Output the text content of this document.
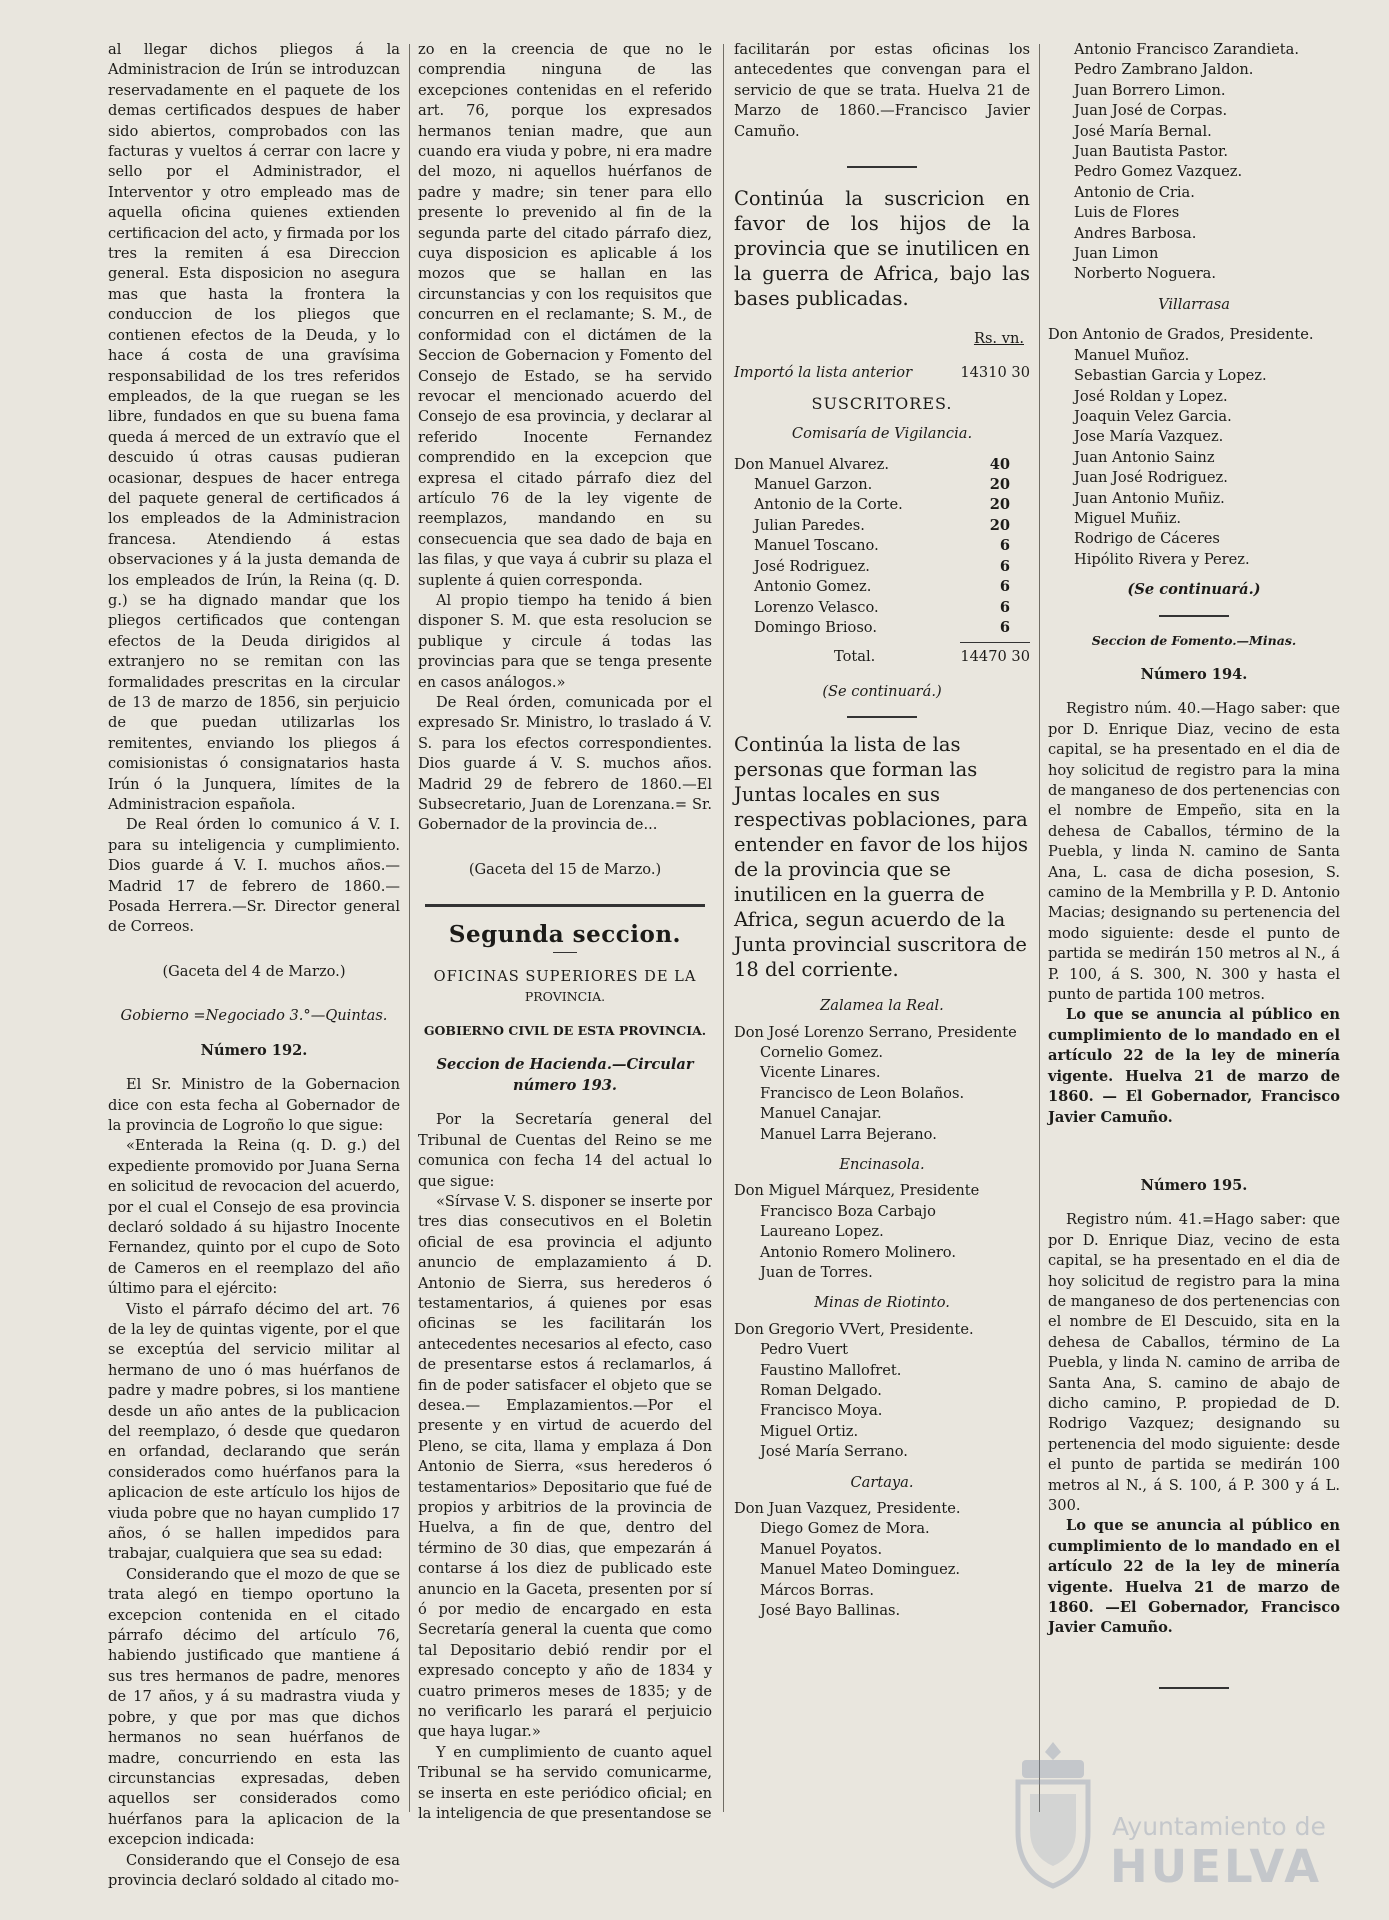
al llegar dichos pliegos á la Administracion de Irún se introduzcan reservadamente en el paquete de los demas certificados despues de haber sido abiertos, comprobados con las facturas y vueltos á cerrar con lacre y sello por el Administrador, el Interventor y otro empleado mas de aquella oficina quienes extienden certificacion del acto, y firmada por los tres la remiten á esa Direccion general. Esta disposicion no asegura mas que hasta la frontera la conduccion de los pliegos que contienen efectos de la Deuda, y lo hace á costa de una gravísima responsabilidad de los tres referidos empleados, de la que ruegan se les libre, fundados en que su buena fama queda á merced de un extravío que el descuido ú otras causas pudieran ocasionar, despues de hacer entrega del paquete general de certificados á los empleados de la Administracion francesa. Atendiendo á estas observaciones y á la justa demanda de los empleados de Irún, la Reina (q. D. g.) se ha dignado mandar que los pliegos certificados que contengan efectos de la Deuda dirigidos al extranjero no se remitan con las formalidades prescritas en la circular de 13 de marzo de 1856, sin perjuicio de que puedan utilizarlas los remitentes, enviando los pliegos á comisionistas ó consignatarios hasta Irún ó la Junquera, límites de la Administracion española.

De Real órden lo comunico á V. I. para su inteligencia y cumplimiento. Dios guarde á V. I. muchos años.— Madrid 17 de febrero de 1860.—Posada Herrera.—Sr. Director general de Correos.

(Gaceta del 4 de Marzo.)

Gobierno =Negociado 3.°—Quintas.

Número 192.

El Sr. Ministro de la Gobernacion dice con esta fecha al Gobernador de la provincia de Logroño lo que sigue:

«Enterada la Reina (q. D. g.) del expediente promovido por Juana Serna en solicitud de revocacion del acuerdo, por el cual el Consejo de esa provincia declaró soldado á su hijastro Inocente Fernandez, quinto por el cupo de Soto de Cameros en el reemplazo del año último para el ejército:

Visto el párrafo décimo del art. 76 de la ley de quintas vigente, por el que se exceptúa del servicio militar al hermano de uno ó mas huérfanos de padre y madre pobres, si los mantiene desde un año antes de la publicacion del reemplazo, ó desde que quedaron en orfandad, declarando que serán considerados como huérfanos para la aplicacion de este artículo los hijos de viuda pobre que no hayan cumplido 17 años, ó se hallen impedidos para trabajar, cualquiera que sea su edad:

Considerando que el mozo de que se trata alegó en tiempo oportuno la excepcion contenida en el citado párrafo décimo del artículo 76, habiendo justificado que mantiene á sus tres hermanos de padre, menores de 17 años, y á su madrastra viuda y pobre, y que por mas que dichos hermanos no sean huérfanos de madre, concurriendo en esta las circunstancias expresadas, deben aquellos ser considerados como huérfanos para la aplicacion de la excepcion indicada:

Considerando que el Consejo de esa provincia declaró soldado al citado mo-

zo en la creencia de que no le comprendia ninguna de las excepciones contenidas en el referido art. 76, porque los expresados hermanos tenian madre, que aun cuando era viuda y pobre, ni era madre del mozo, ni aquellos huérfanos de padre y madre; sin tener para ello presente lo prevenido al fin de la segunda parte del citado párrafo diez, cuya disposicion es aplicable á los mozos que se hallan en las circunstancias y con los requisitos que concurren en el reclamante; S. M., de conformidad con el dictámen de la Seccion de Gobernacion y Fomento del Consejo de Estado, se ha servido revocar el mencionado acuerdo del Consejo de esa provincia, y declarar al referido Inocente Fernandez comprendido en la excepcion que expresa el citado párrafo diez del artículo 76 de la ley vigente de reemplazos, mandando en su consecuencia que sea dado de baja en las filas, y que vaya á cubrir su plaza el suplente á quien corresponda.

Al propio tiempo ha tenido á bien disponer S. M. que esta resolucion se publique y circule á todas las provincias para que se tenga presente en casos análogos.»

De Real órden, comunicada por el expresado Sr. Ministro, lo traslado á V. S. para los efectos correspondientes. Dios guarde á V. S. muchos años. Madrid 29 de febrero de 1860.—El Subsecretario, Juan de Lorenzana.= Sr. Gobernador de la provincia de...

(Gaceta del 15 de Marzo.)

Segunda seccion.

OFICINAS SUPERIORES DE LA

PROVINCIA.

GOBIERNO CIVIL DE ESTA PROVINCIA.

Seccion de Hacienda.—Circular número 193.

Por la Secretaría general del Tribunal de Cuentas del Reino se me comunica con fecha 14 del actual lo que sigue:

«Sírvase V. S. disponer se inserte por tres dias consecutivos en el Boletin oficial de esa provincia el adjunto anuncio de emplazamiento á D. Antonio de Sierra, sus herederos ó testamentarios, á quienes por esas oficinas se les facilitarán los antecedentes necesarios al efecto, caso de presentarse estos á reclamarlos, á fin de poder satisfacer el objeto que se desea.— Emplazamientos.—Por el presente y en virtud de acuerdo del Pleno, se cita, llama y emplaza á Don Antonio de Sierra, «sus herederos ó testamentarios» Depositario que fué de propios y arbitrios de la provincia de Huelva, a fin de que, dentro del término de 30 dias, que empezarán á contarse á los diez de publicado este anuncio en la Gaceta, presenten por sí ó por medio de encargado en esta Secretaría general la cuenta que como tal Depositario debió rendir por el expresado concepto y año de 1834 y cuatro primeros meses de 1835; y de no verificarlo les parará el perjuicio que haya lugar.»

Y en cumplimiento de cuanto aquel Tribunal se ha servido comunicarme, se inserta en este periódico oficial; en la inteligencia de que presentandose se

facilitarán por estas oficinas los antecedentes que convengan para el servicio de que se trata. Huelva 21 de Marzo de 1860.—Francisco Javier Camuño.

Continúa la suscricion en favor de los hijos de la provincia que se inutilicen en la guerra de Africa, bajo las bases publicadas.

Rs. vn.

Importó la lista anterior	14310 30

SUSCRITORES.

Comisaría de Vigilancia.

Don Manuel Alvarez.	40
Manuel Garzon.	20
Antonio de la Corte.	20
Julian Paredes.	20
Manuel Toscano.	6
José Rodriguez.	6
Antonio Gomez.	6
Lorenzo Velasco.	6
Domingo Brioso.	6
Total.	14470 30

(Se continuará.)

Continúa la lista de las personas que forman las Juntas locales en sus respectivas poblaciones, para entender en favor de los hijos de la provincia que se inutilicen en la guerra de Africa, segun acuerdo de la Junta provincial suscritora de 18 del corriente.

Zalamea la Real.

Don José Lorenzo Serrano, Presidente
Cornelio Gomez.
Vicente Linares.
Francisco de Leon Bolaños.
Manuel Canajar.
Manuel Larra Bejerano.

Encinasola.

Don Miguel Márquez, Presidente
Francisco Boza Carbajo
Laureano Lopez.
Antonio Romero Molinero.
Juan de Torres.

Minas de Riotinto.

Don Gregorio VVert, Presidente.
Pedro Vuert
Faustino Mallofret.
Roman Delgado.
Francisco Moya.
Miguel Ortiz.
José María Serrano.

Cartaya.

Don Juan Vazquez, Presidente.
Diego Gomez de Mora.
Manuel Poyatos.
Manuel Mateo Dominguez.
Márcos Borras.
José Bayo Ballinas.
Antonio Francisco Zarandieta.
Pedro Zambrano Jaldon.
Juan Borrero Limon.
Juan José de Corpas.
José María Bernal.
Juan Bautista Pastor.
Pedro Gomez Vazquez.
Antonio de Cria.
Luis de Flores
Andres Barbosa.
Juan Limon
Norberto Noguera.

Villarrasa

Don Antonio de Grados, Presidente.
Manuel Muñoz.
Sebastian Garcia y Lopez.
José Roldan y Lopez.
Joaquin Velez Garcia.
Jose María Vazquez.
Juan Antonio Sainz
Juan José Rodriguez.
Juan Antonio Muñiz.
Miguel Muñiz.
Rodrigo de Cáceres
Hipólito Rivera y Perez.

(Se continuará.)

Seccion de Fomento.—Minas.

Número 194.

Registro núm. 40.—Hago saber: que por D. Enrique Diaz, vecino de esta capital, se ha presentado en el dia de hoy solicitud de registro para la mina de manganeso de dos pertenencias con el nombre de Empeño, sita en la dehesa de Caballos, término de la Puebla, y linda N. camino de Santa Ana, L. casa de dicha posesion, S. camino de la Membrilla y P. D. Antonio Macias; designando su pertenencia del modo siguiente: desde el punto de partida se medirán 150 metros al N., á P. 100, á S. 300, N. 300 y hasta el punto de partida 100 metros.

Lo que se anuncia al público en cumplimiento de lo mandado en el artículo 22 de la ley de minería vigente. Huelva 21 de marzo de 1860. — El Gobernador, Francisco Javier Camuño.

Número 195.

Registro núm. 41.=Hago saber: que por D. Enrique Diaz, vecino de esta capital, se ha presentado en el dia de hoy solicitud de registro para la mina de manganeso de dos pertenencias con el nombre de El Descuido, sita en la dehesa de Caballos, término de La Puebla, y linda N. camino de arriba de Santa Ana, S. camino de abajo de dicho camino, P. propiedad de D. Rodrigo Vazquez; designando su pertenencia del modo siguiente: desde el punto de partida se medirán 100 metros al N., á S. 100, á P. 300 y á L. 300.

Lo que se anuncia al público en cumplimiento de lo mandado en el artículo 22 de la ley de minería vigente. Huelva 21 de marzo de 1860. —El Gobernador, Francisco Javier Camuño.

Ayuntamiento de
HUELVA
